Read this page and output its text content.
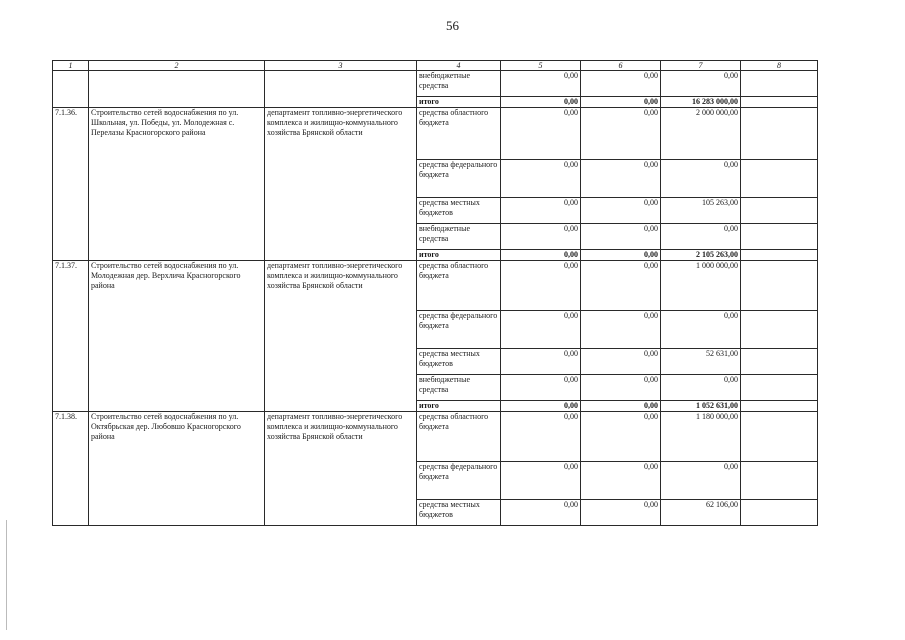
56
1	2	3	4	5	6	7	8
			внебюджетные средства	0,00	0,00	0,00	
			итого	0,00	0,00	16 283 000,00	
7.1.36.	Строительство сетей водоснабжения по ул. Школьная, ул. Победы, ул. Молодежная с. Перелазы Красногорского района	департамент топливно-энергетического комплекса и жилищно-коммунального хозяйства Брянской области	средства областного бюджета	0,00	0,00	2 000 000,00	
			средства федерального бюджета	0,00	0,00	0,00	
			средства местных бюджетов	0,00	0,00	105 263,00	
			внебюджетные средства	0,00	0,00	0,00	
			итого	0,00	0,00	2 105 263,00	
7.1.37.	Строительство сетей водоснабжения по ул. Молодежная дер. Верхлича Красногорского района	департамент топливно-энергетического комплекса и жилищно-коммунального хозяйства Брянской области	средства областного бюджета	0,00	0,00	1 000 000,00	
			средства федерального бюджета	0,00	0,00	0,00	
			средства местных бюджетов	0,00	0,00	52 631,00	
			внебюджетные средства	0,00	0,00	0,00	
			итого	0,00	0,00	1 052 631,00	
7.1.38.	Строительство сетей водоснабжения по ул. Октябрьская дер. Любовшо Красногорского района	департамент топливно-энергетического комплекса и жилищно-коммунального хозяйства Брянской области	средства областного бюджета	0,00	0,00	1 180 000,00	
			средства федерального бюджета	0,00	0,00	0,00	
			средства местных бюджетов	0,00	0,00	62 106,00	
